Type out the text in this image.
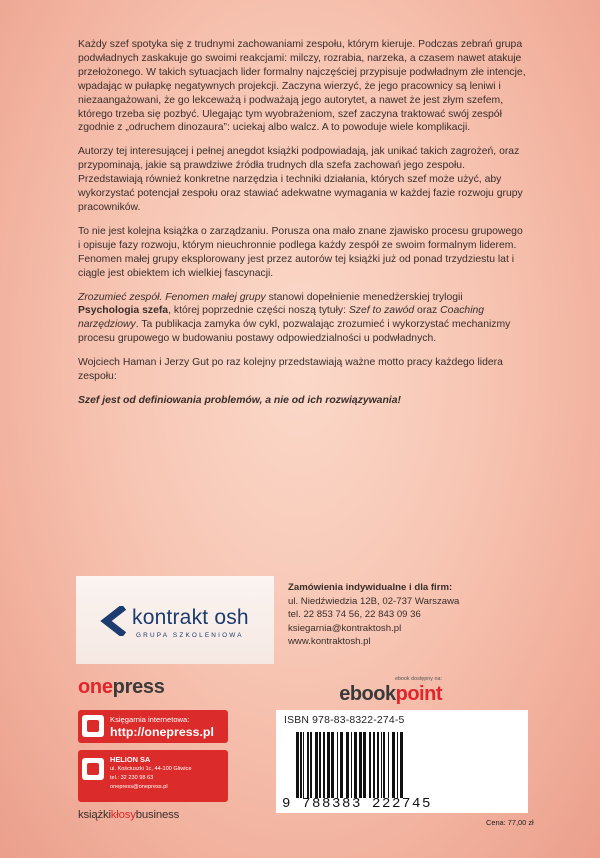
Każdy szef spotyka się z trudnymi zachowaniami zespołu, którym kieruje. Podczas zebrań grupa podwładnych zaskakuje go swoimi reakcjami: milczy, rozrabia, narzeka, a czasem nawet atakuje przełożonego. W takich sytuacjach lider formalny najczęściej przypisuje podwładnym złe intencje, wpadając w pułapkę negatywnych projekcji. Zaczyna wierzyć, że jego pracownicy są leniwi i niezaangażowani, że go lekceważą i podważają jego autorytet, a nawet że jest złym szefem, którego trzeba się pozbyć. Ulegając tym wyobrażeniom, szef zaczyna traktować swój zespół zgodnie z „odruchem dinozaura”: uciekaj albo walcz. A to powoduje wiele komplikacji.

Autorzy tej interesującej i pełnej anegdot książki podpowiadają, jak unikać takich zagrożeń, oraz przypominają, jakie są prawdziwe źródła trudnych dla szefa zachowań jego zespołu. Przedstawiają również konkretne narzędzia i techniki działania, których szef może użyć, aby wykorzystać potencjał zespołu oraz stawiać adekwatne wymagania w każdej fazie rozwoju grupy pracowników.

To nie jest kolejna książka o zarządzaniu. Porusza ona mało znane zjawisko procesu grupowego i opisuje fazy rozwoju, którym nieuchronnie podlega każdy zespół ze swoim formalnym liderem. Fenomen małej grupy eksplorowany jest przez autorów tej książki już od ponad trzydziestu lat i ciągle jest obiektem ich wielkiej fascynacji.

Zrozumieć zespół. Fenomen małej grupy stanowi dopełnienie menedżerskiej trylogii Psychologia szefa, której poprzednie części noszą tytuły: Szef to zawód oraz Coaching narzędziowy. Ta publikacja zamyka ów cykl, pozwalając zrozumieć i wykorzystać mechanizmy procesu grupowego w budowaniu postawy odpowiedzialności u podwładnych.

Wojciech Haman i Jerzy Gut po raz kolejny przedstawiają ważne motto pracy każdego lidera zespołu:

Szef jest od definiowania problemów, a nie od ich rozwiązywania!

kontrakt osh
GRUPA SZKOLENIOWA
Zamówienia indywidualne i dla firm:
ul. Niedźwiedzia 12B, 02-737 Warszawa
tel. 22 853 74 56, 22 843 09 36
ksiegarnia@kontraktosh.pl
www.kontraktosh.pl
onepress
Księgarnia internetowa:
http://onepress.pl
HELION SA
ul. Kościuszki 1c, 44-100 Gliwice
tel.: 32 230 98 63
onepress@onepress.pl
książkikłosybusiness
ebook dostępny na:
ebookpoint
ISBN 978-83-8322-274-5
9 788383 222745
Cena: 77,00 zł
